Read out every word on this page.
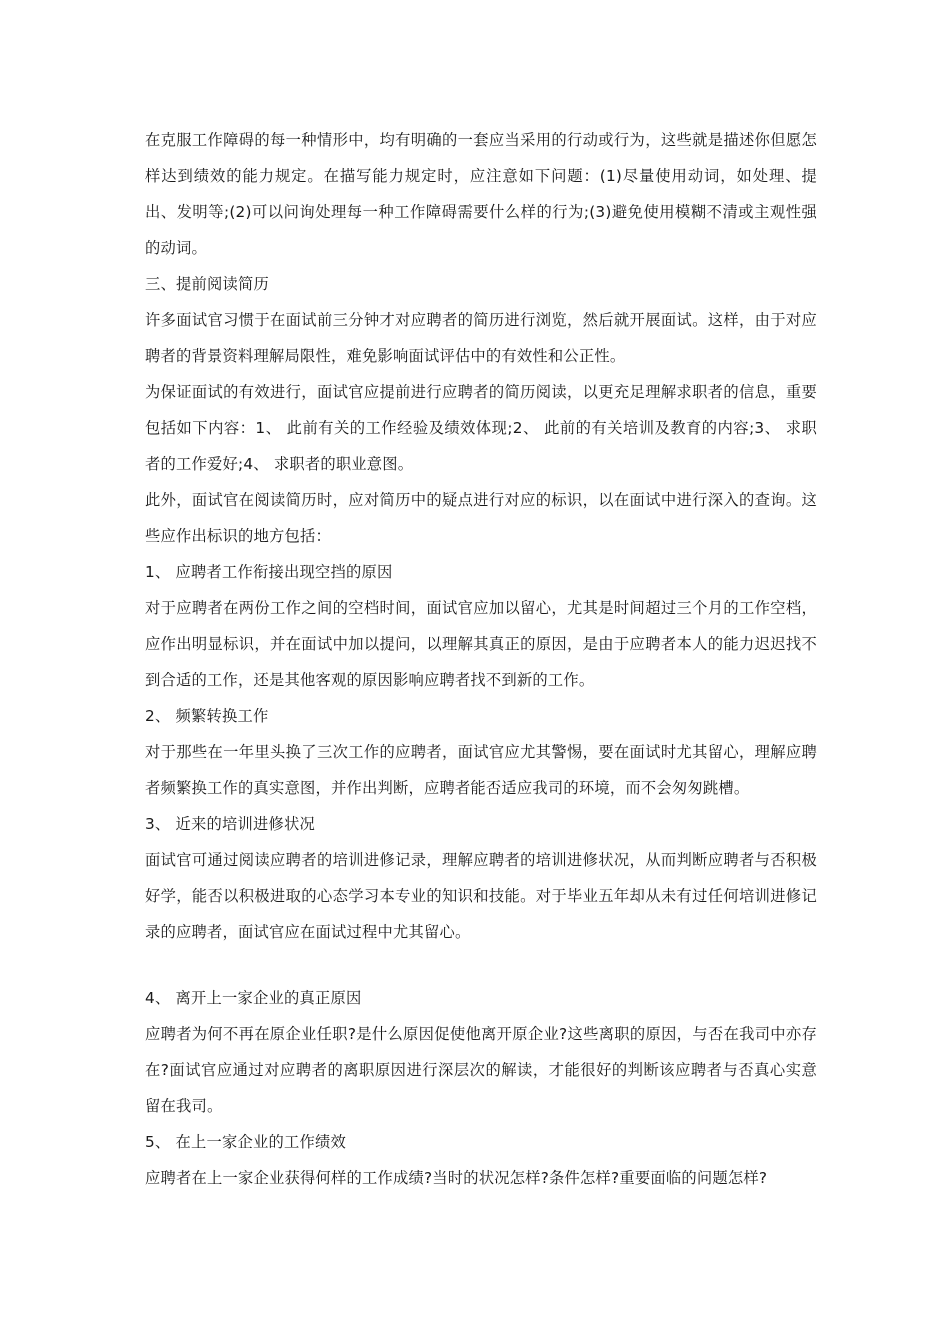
在克服工作障碍的每一种情形中，均有明确的一套应当采用的行动或行为，这些就是描述你但愿怎样达到绩效的能力规定。在描写能力规定时，应注意如下问题：(1)尽量使用动词，如处理、提出、发明等;(2)可以问询处理每一种工作障碍需要什么样的行为;(3)避免使用模糊不清或主观性强的动词。

三、提前阅读简历

许多面试官习惯于在面试前三分钟才对应聘者的简历进行浏览，然后就开展面试。这样，由于对应聘者的背景资料理解局限性，难免影响面试评估中的有效性和公正性。

为保证面试的有效进行，面试官应提前进行应聘者的简历阅读，以更充足理解求职者的信息，重要包括如下内容：1、 此前有关的工作经验及绩效体现;2、 此前的有关培训及教育的内容;3、 求职者的工作爱好;4、 求职者的职业意图。

此外，面试官在阅读简历时，应对简历中的疑点进行对应的标识，以在面试中进行深入的查询。这些应作出标识的地方包括：

1、 应聘者工作衔接出现空挡的原因

对于应聘者在两份工作之间的空档时间，面试官应加以留心，尤其是时间超过三个月的工作空档，应作出明显标识，并在面试中加以提问，以理解其真正的原因，是由于应聘者本人的能力迟迟找不到合适的工作，还是其他客观的原因影响应聘者找不到新的工作。

2、 频繁转换工作

对于那些在一年里头换了三次工作的应聘者，面试官应尤其警惕，要在面试时尤其留心，理解应聘者频繁换工作的真实意图，并作出判断，应聘者能否适应我司的环境，而不会匆匆跳槽。

3、 近来的培训进修状况

面试官可通过阅读应聘者的培训进修记录，理解应聘者的培训进修状况，从而判断应聘者与否积极好学，能否以积极进取的心态学习本专业的知识和技能。对于毕业五年却从未有过任何培训进修记录的应聘者，面试官应在面试过程中尤其留心。

4、 离开上一家企业的真正原因

应聘者为何不再在原企业任职?是什么原因促使他离开原企业?这些离职的原因，与否在我司中亦存在?面试官应通过对应聘者的离职原因进行深层次的解读，才能很好的判断该应聘者与否真心实意留在我司。

5、 在上一家企业的工作绩效

应聘者在上一家企业获得何样的工作成绩?当时的状况怎样?条件怎样?重要面临的问题怎样?
